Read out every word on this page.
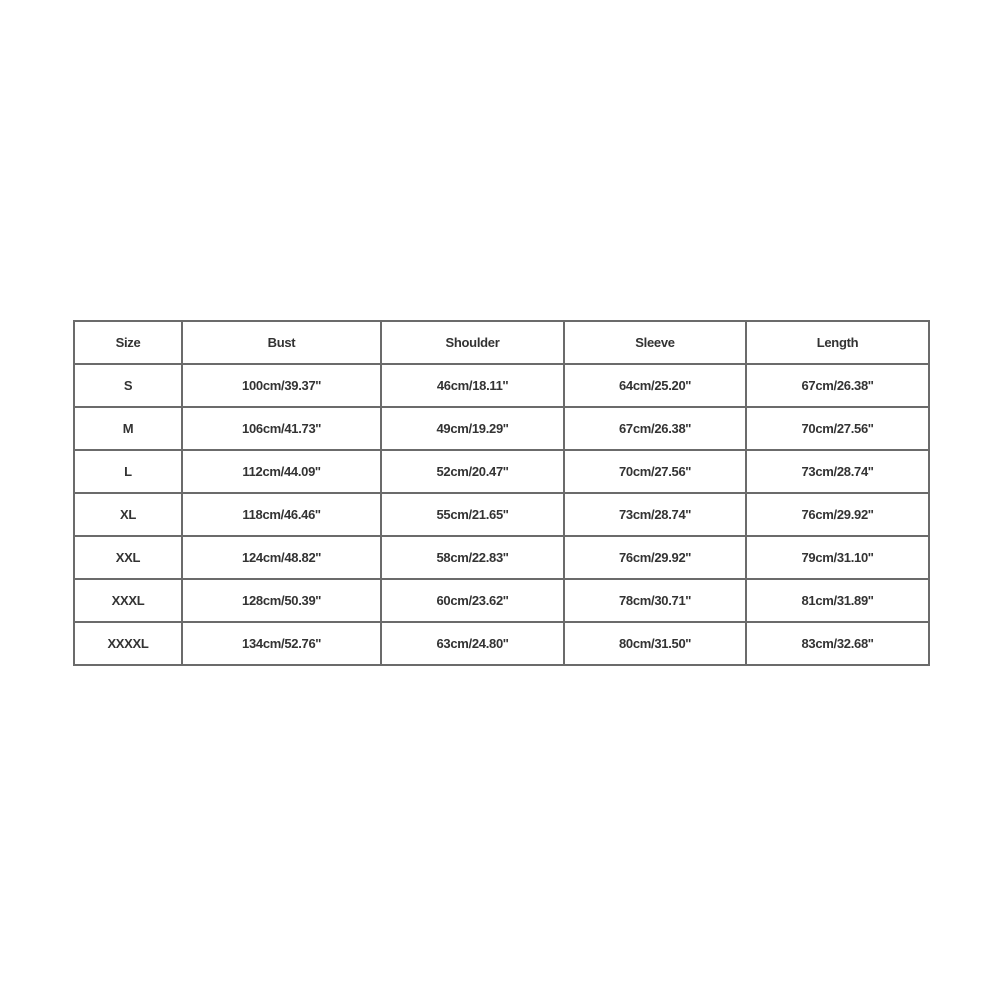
Size	Bust	Shoulder	Sleeve	Length
S	100cm/39.37''	46cm/18.11''	64cm/25.20''	67cm/26.38''
M	106cm/41.73''	49cm/19.29''	67cm/26.38''	70cm/27.56''
L	112cm/44.09''	52cm/20.47''	70cm/27.56''	73cm/28.74''
XL	118cm/46.46''	55cm/21.65''	73cm/28.74''	76cm/29.92''
XXL	124cm/48.82''	58cm/22.83''	76cm/29.92''	79cm/31.10''
XXXL	128cm/50.39''	60cm/23.62''	78cm/30.71''	81cm/31.89''
XXXXL	134cm/52.76''	63cm/24.80''	80cm/31.50''	83cm/32.68''
